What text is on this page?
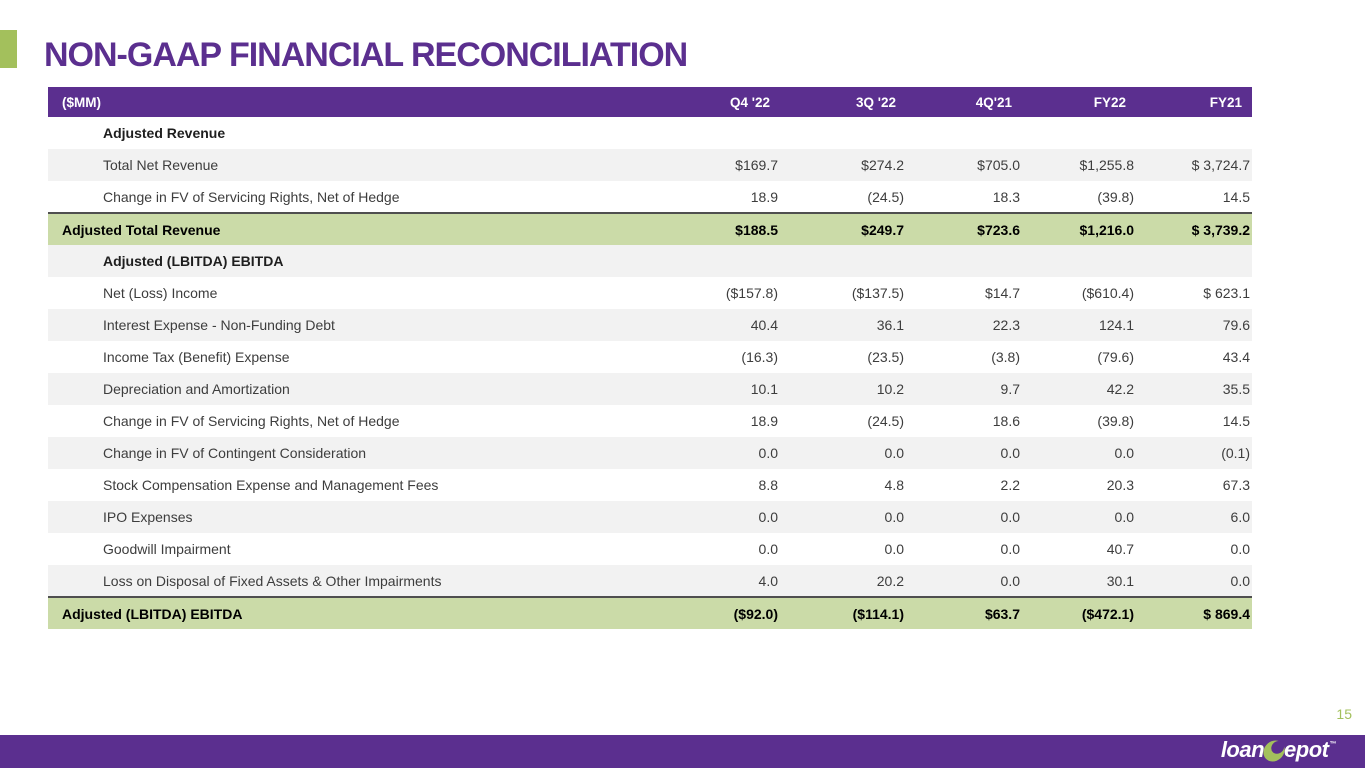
NON-GAAP FINANCIAL RECONCILIATION
($MM)	Q4 '22	3Q '22	4Q'21	FY22	FY21
Adjusted Revenue					
Total Net Revenue	$169.7	$274.2	$705.0	$1,255.8	$ 3,724.7
Change in FV of Servicing Rights, Net of Hedge	18.9	(24.5)	18.3	(39.8)	14.5
Adjusted Total Revenue	$188.5	$249.7	$723.6	$1,216.0	$ 3,739.2
Adjusted (LBITDA) EBITDA					
Net (Loss) Income	($157.8)	($137.5)	$14.7	($610.4)	$ 623.1
Interest Expense - Non-Funding Debt	40.4	36.1	22.3	124.1	79.6
Income Tax (Benefit) Expense	(16.3)	(23.5)	(3.8)	(79.6)	43.4
Depreciation and Amortization	10.1	10.2	9.7	42.2	35.5
Change in FV of Servicing Rights, Net of Hedge	18.9	(24.5)	18.6	(39.8)	14.5
Change in FV of Contingent Consideration	0.0	0.0	0.0	0.0	(0.1)
Stock Compensation Expense and Management Fees	8.8	4.8	2.2	20.3	67.3
IPO Expenses	0.0	0.0	0.0	0.0	6.0
Goodwill Impairment	0.0	0.0	0.0	40.7	0.0
Loss on Disposal of Fixed Assets & Other Impairments	4.0	20.2	0.0	30.1	0.0
Adjusted (LBITDA) EBITDA	($92.0)	($114.1)	$63.7	($472.1)	$ 869.4
15
loan epot™
